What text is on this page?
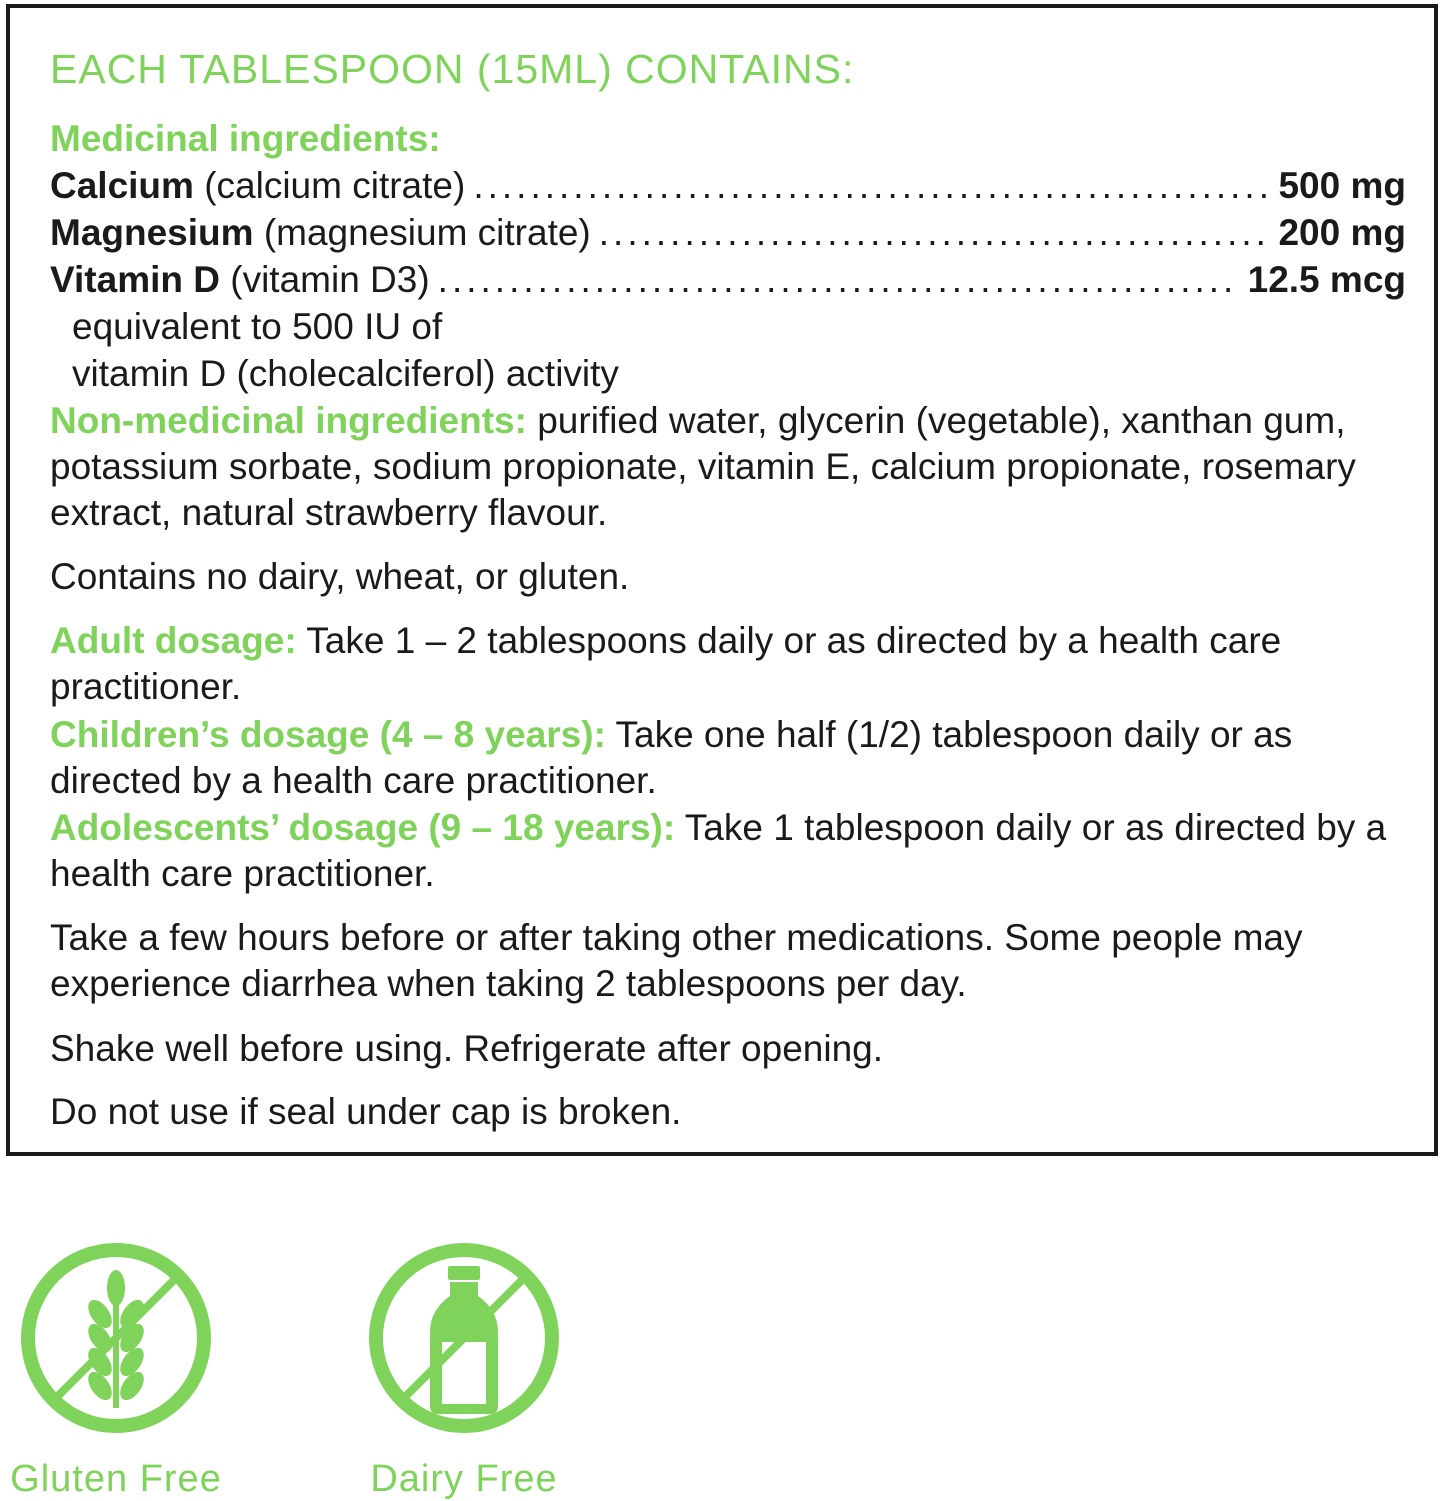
EACH TABLESPOON (15ML) CONTAINS:
Medicinal ingredients:
Calcium (calcium citrate) .....	500 mg
Magnesium (magnesium citrate) .....	200 mg
Vitamin D (vitamin D3) .....	12.5 mcg
equivalent to 500 IU of
vitamin D (cholecalciferol) activity
Non-medicinal ingredients: purified water, glycerin (vegetable), xanthan gum, potassium sorbate, sodium propionate, vitamin E, calcium propionate, rosemary extract, natural strawberry flavour.
Contains no dairy, wheat, or gluten.
Adult dosage: Take 1 – 2 tablespoons daily or as directed by a health care practitioner.
Children’s dosage (4 – 8 years): Take one half (1/2) tablespoon daily or as directed by a health care practitioner.
Adolescents’ dosage (9 – 18 years): Take 1 tablespoon daily or as directed by a health care practitioner.
Take a few hours before or after taking other medications. Some people may experience diarrhea when taking 2 tablespoons per day.
Shake well before using. Refrigerate after opening.
Do not use if seal under cap is broken.
Gluten Free	Dairy Free
